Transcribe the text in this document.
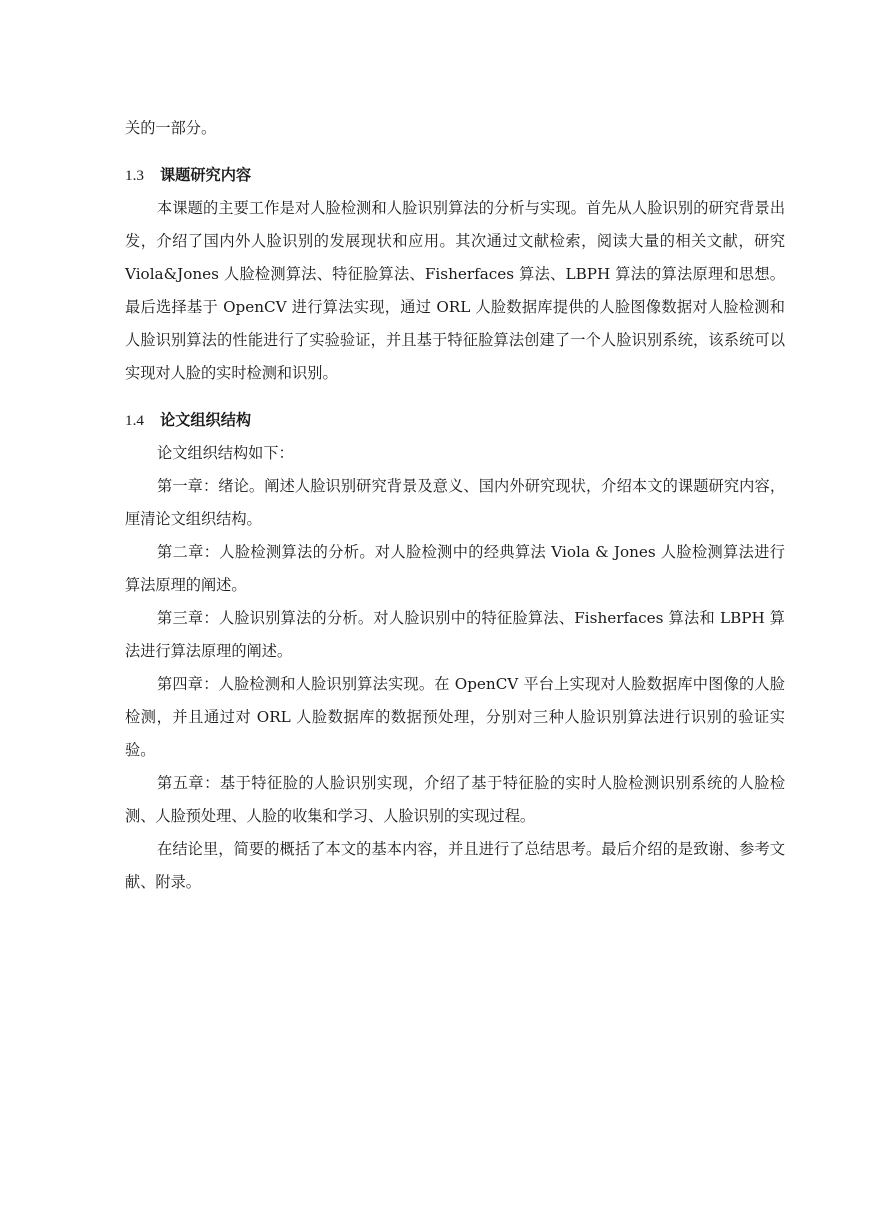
关的一部分。

1.3 课题研究内容

本课题的主要工作是对人脸检测和人脸识别算法的分析与实现。首先从人脸识别的研究背景出发，介绍了国内外人脸识别的发展现状和应用。其次通过文献检索，阅读大量的相关文献，研究 Viola&Jones 人脸检测算法、特征脸算法、Fisherfaces 算法、LBPH 算法的算法原理和思想。最后选择基于 OpenCV 进行算法实现，通过 ORL 人脸数据库提供的人脸图像数据对人脸检测和人脸识别算法的性能进行了实验验证，并且基于特征脸算法创建了一个人脸识别系统，该系统可以实现对人脸的实时检测和识别。

1.4 论文组织结构

论文组织结构如下：

第一章：绪论。阐述人脸识别研究背景及意义、国内外研究现状，介绍本文的课题研究内容，厘清论文组织结构。

第二章：人脸检测算法的分析。对人脸检测中的经典算法 Viola & Jones 人脸检测算法进行算法原理的阐述。

第三章：人脸识别算法的分析。对人脸识别中的特征脸算法、Fisherfaces 算法和 LBPH 算法进行算法原理的阐述。

第四章：人脸检测和人脸识别算法实现。在 OpenCV 平台上实现对人脸数据库中图像的人脸检测，并且通过对 ORL 人脸数据库的数据预处理，分别对三种人脸识别算法进行识别的验证实验。

第五章：基于特征脸的人脸识别实现，介绍了基于特征脸的实时人脸检测识别系统的人脸检测、人脸预处理、人脸的收集和学习、人脸识别的实现过程。

在结论里，简要的概括了本文的基本内容，并且进行了总结思考。最后介绍的是致谢、参考文献、附录。
